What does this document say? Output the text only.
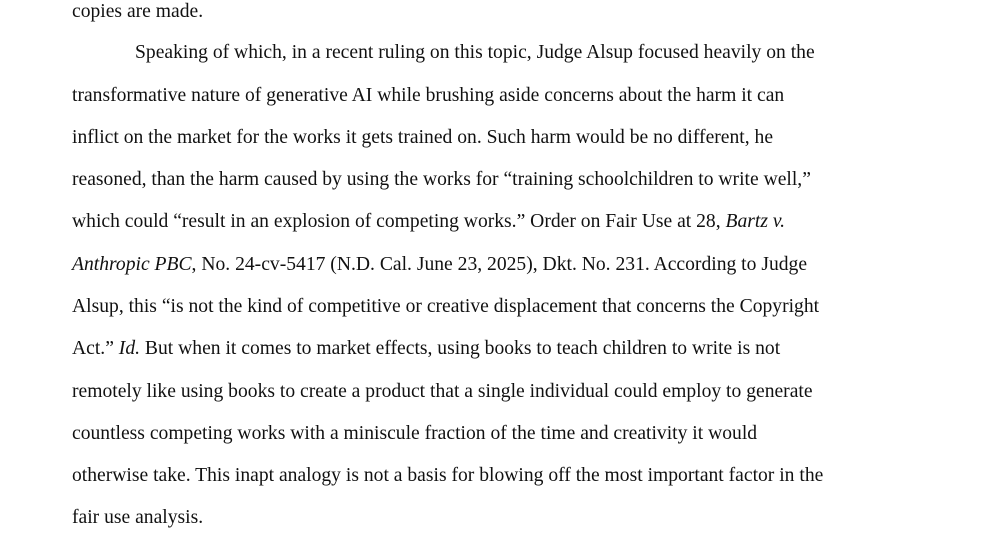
copies are made.
Speaking of which, in a recent ruling on this topic, Judge Alsup focused heavily on the
transformative nature of generative AI while brushing aside concerns about the harm it can
inflict on the market for the works it gets trained on. Such harm would be no different, he
reasoned, than the harm caused by using the works for “training schoolchildren to write well,”
which could “result in an explosion of competing works.” Order on Fair Use at 28, Bartz v.
Anthropic PBC, No. 24-cv-5417 (N.D. Cal. June 23, 2025), Dkt. No. 231. According to Judge
Alsup, this “is not the kind of competitive or creative displacement that concerns the Copyright
Act.” Id. But when it comes to market effects, using books to teach children to write is not
remotely like using books to create a product that a single individual could employ to generate
countless competing works with a miniscule fraction of the time and creativity it would
otherwise take. This inapt analogy is not a basis for blowing off the most important factor in the
fair use analysis.
